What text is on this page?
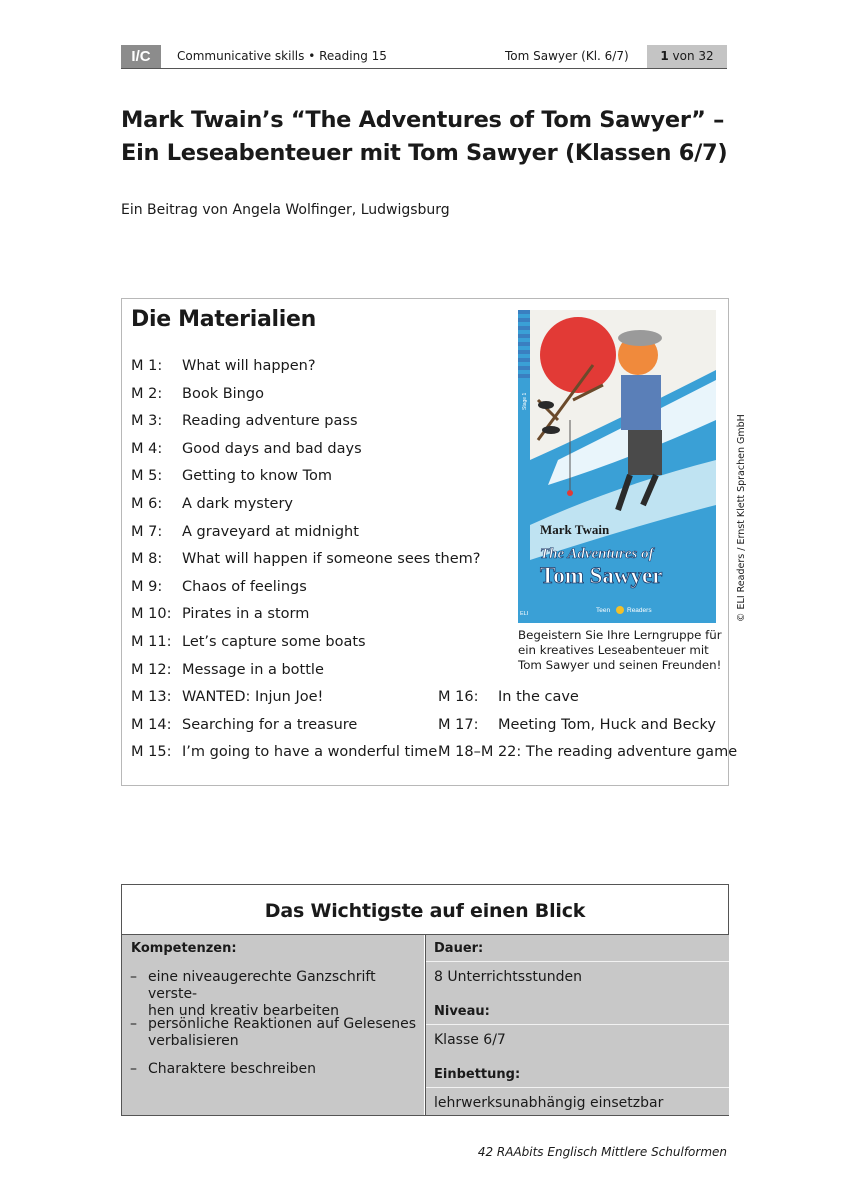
I/C	Communicative skills • Reading 15	Tom Sawyer (Kl. 6/7)	1 von 32
Mark Twain’s “The Adventures of Tom Sawyer” –
Ein Leseabenteuer mit Tom Sawyer (Klassen 6/7)
Ein Beitrag von Angela Wolfinger, Ludwigsburg
Die Materialien
M 1: What will happen?
M 2: Book Bingo
M 3: Reading adventure pass
M 4: Good days and bad days
M 5: Getting to know Tom
M 6: A dark mystery
M 7: A graveyard at midnight
M 8: What will happen if someone sees them?
M 9: Chaos of feelings
M 10: Pirates in a storm
M 11: Let’s capture some boats
M 12: Message in a bottle
M 13: WANTED: Injun Joe!
M 14: Searching for a treasure
M 15: I’m going to have a wonderful time
M 16: In the cave
M 17: Meeting Tom, Huck and Becky
M 18–M 22: The reading adventure game
Mark Twain
The Adventures of
Tom Sawyer
Teen	Readers
ELI
Stage 1
Begeistern Sie Ihre Lerngruppe für ein kreatives Leseabenteuer mit Tom Sawyer und seinen Freunden!
© ELI Readers / Ernst Klett Sprachen GmbH
Das Wichtigste auf einen Blick
Kompetenzen:
– eine niveaugerechte Ganzschrift verste-
hen und kreativ bearbeiten
– persönliche Reaktionen auf Gelesenes
verbalisieren
– Charaktere beschreiben
Dauer:
8 Unterrichtsstunden
Niveau:
Klasse 6/7
Einbettung:
lehrwerksunabhängig einsetzbar
42 RAAbits Englisch Mittlere Schulformen
